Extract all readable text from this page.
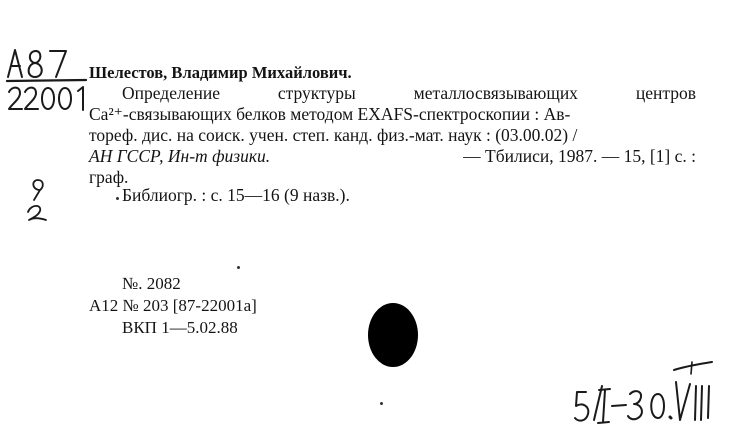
Шелестов, Владимир Михайлович.
Определение	структуры	металлосвязывающих	центров
Ca²⁺-связывающих белков методом EXAFS-спектроскопии : Ав-
тореф. дис. на соиск. учен. степ. канд. физ.-мат. наук : (03.00.02) /
АН ГССР, Ин-т физики.	— Тбилиси, 1987. — 15, [1] с. :
граф.
Библиогр. : с. 15—16 (9 назв.).
№. 2082
А12 № 203 [87-22001а]
ВКП 1—5.02.88
